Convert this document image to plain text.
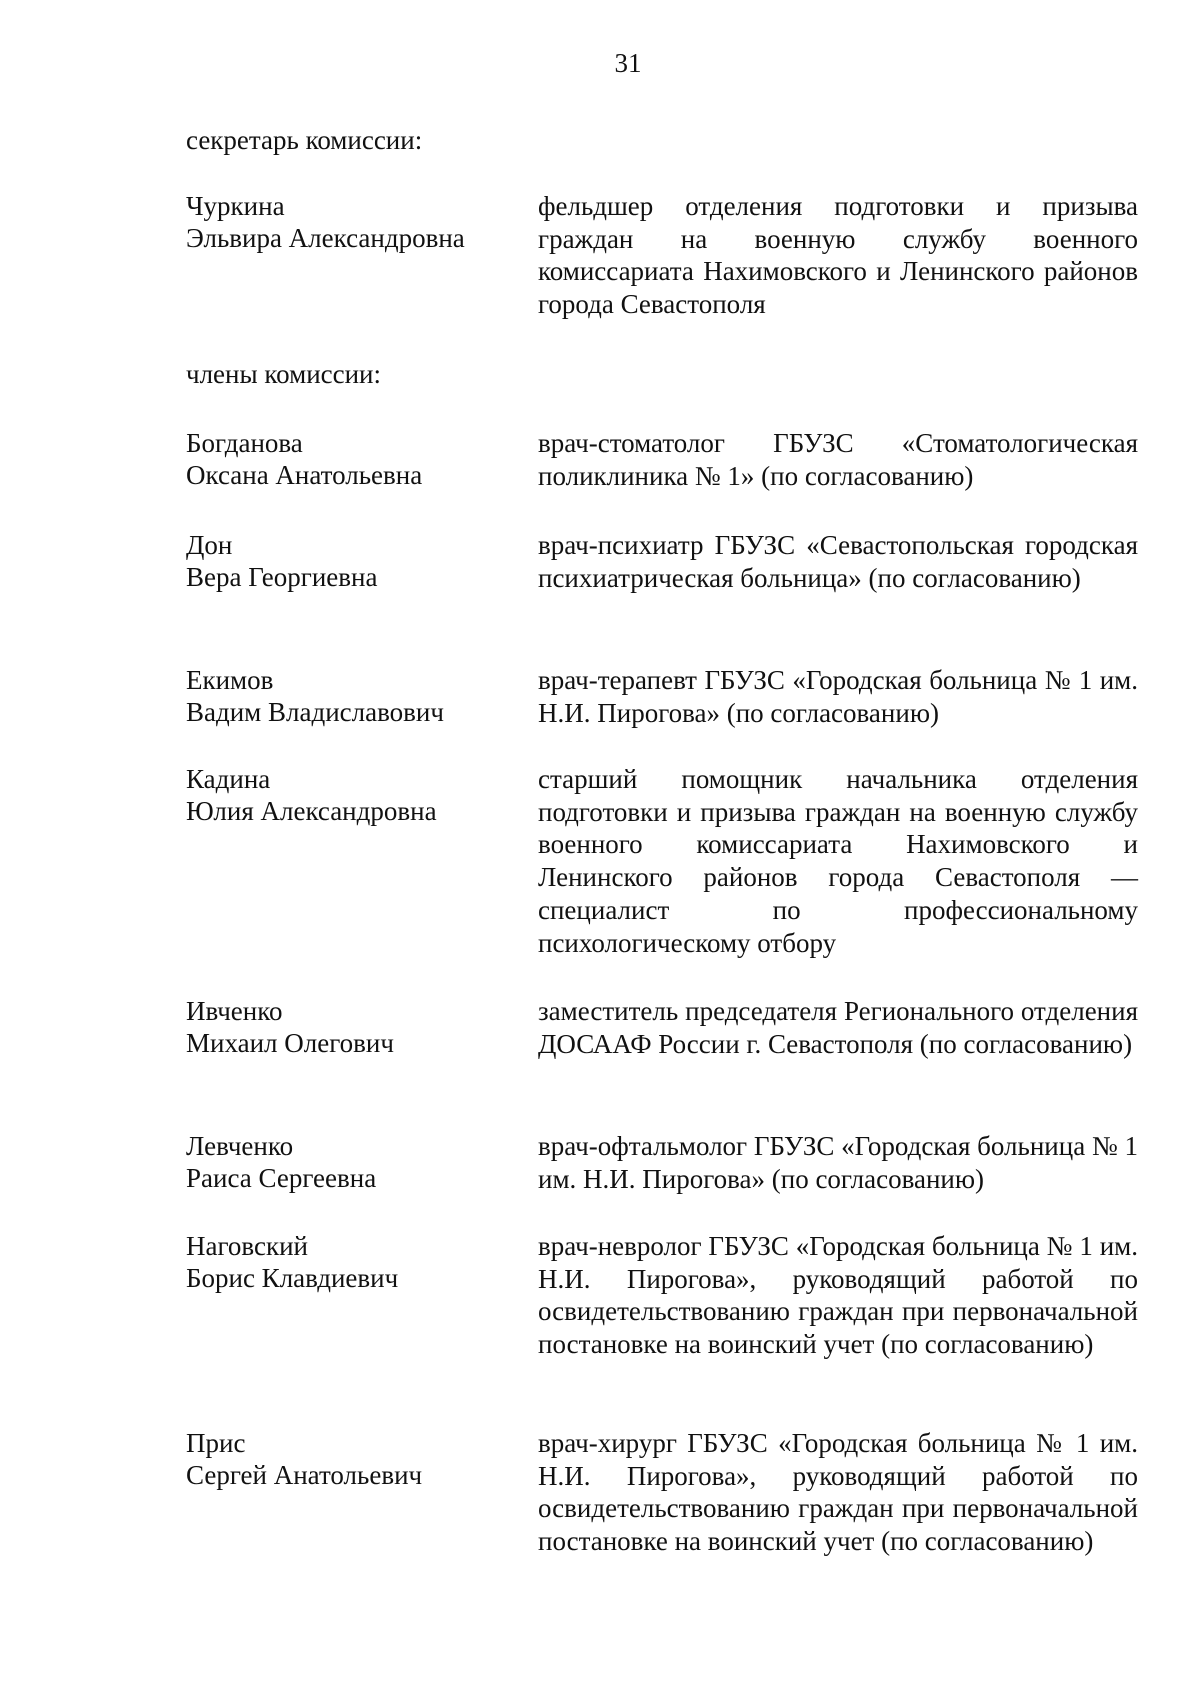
31
секретарь комиссии:
Чуркина
Эльвира Александровна
фельдшер отделения подготовки и призыва граждан на военную службу военного комиссариата Нахимовского и Ленинского районов города Севастополя
члены комиссии:
Богданова
Оксана Анатольевна
врач-стоматолог ГБУЗС «Стоматологическая поликлиника № 1» (по согласованию)
Дон
Вера Георгиевна
врач-психиатр ГБУЗС «Севастопольская городская психиатрическая больница» (по согласованию)
Екимов
Вадим Владиславович
врач-терапевт ГБУЗС «Городская больница № 1 им. Н.И. Пирогова» (по согласованию)
Кадина
Юлия Александровна
старший помощник начальника отделения подготовки и призыва граждан на военную службу военного комиссариата Нахимовского и Ленинского районов города Севастополя — специалист по профессиональному психологическому отбору
Ивченко
Михаил Олегович
заместитель председателя Регионального отделения ДОСААФ России г. Севастополя (по согласованию)
Левченко
Раиса Сергеевна
врач-офтальмолог ГБУЗС «Городская больница № 1 им. Н.И. Пирогова» (по согласованию)
Наговский
Борис Клавдиевич
врач-невролог ГБУЗС «Городская больница № 1 им. Н.И. Пирогова», руководящий работой по освидетельствованию граждан при первоначальной постановке на воинский учет (по согласованию)
Прис
Сергей Анатольевич
врач-хирург ГБУЗС «Городская больница № 1 им. Н.И. Пирогова», руководящий работой по освидетельствованию граждан при первоначальной постановке на воинский учет (по согласованию)
